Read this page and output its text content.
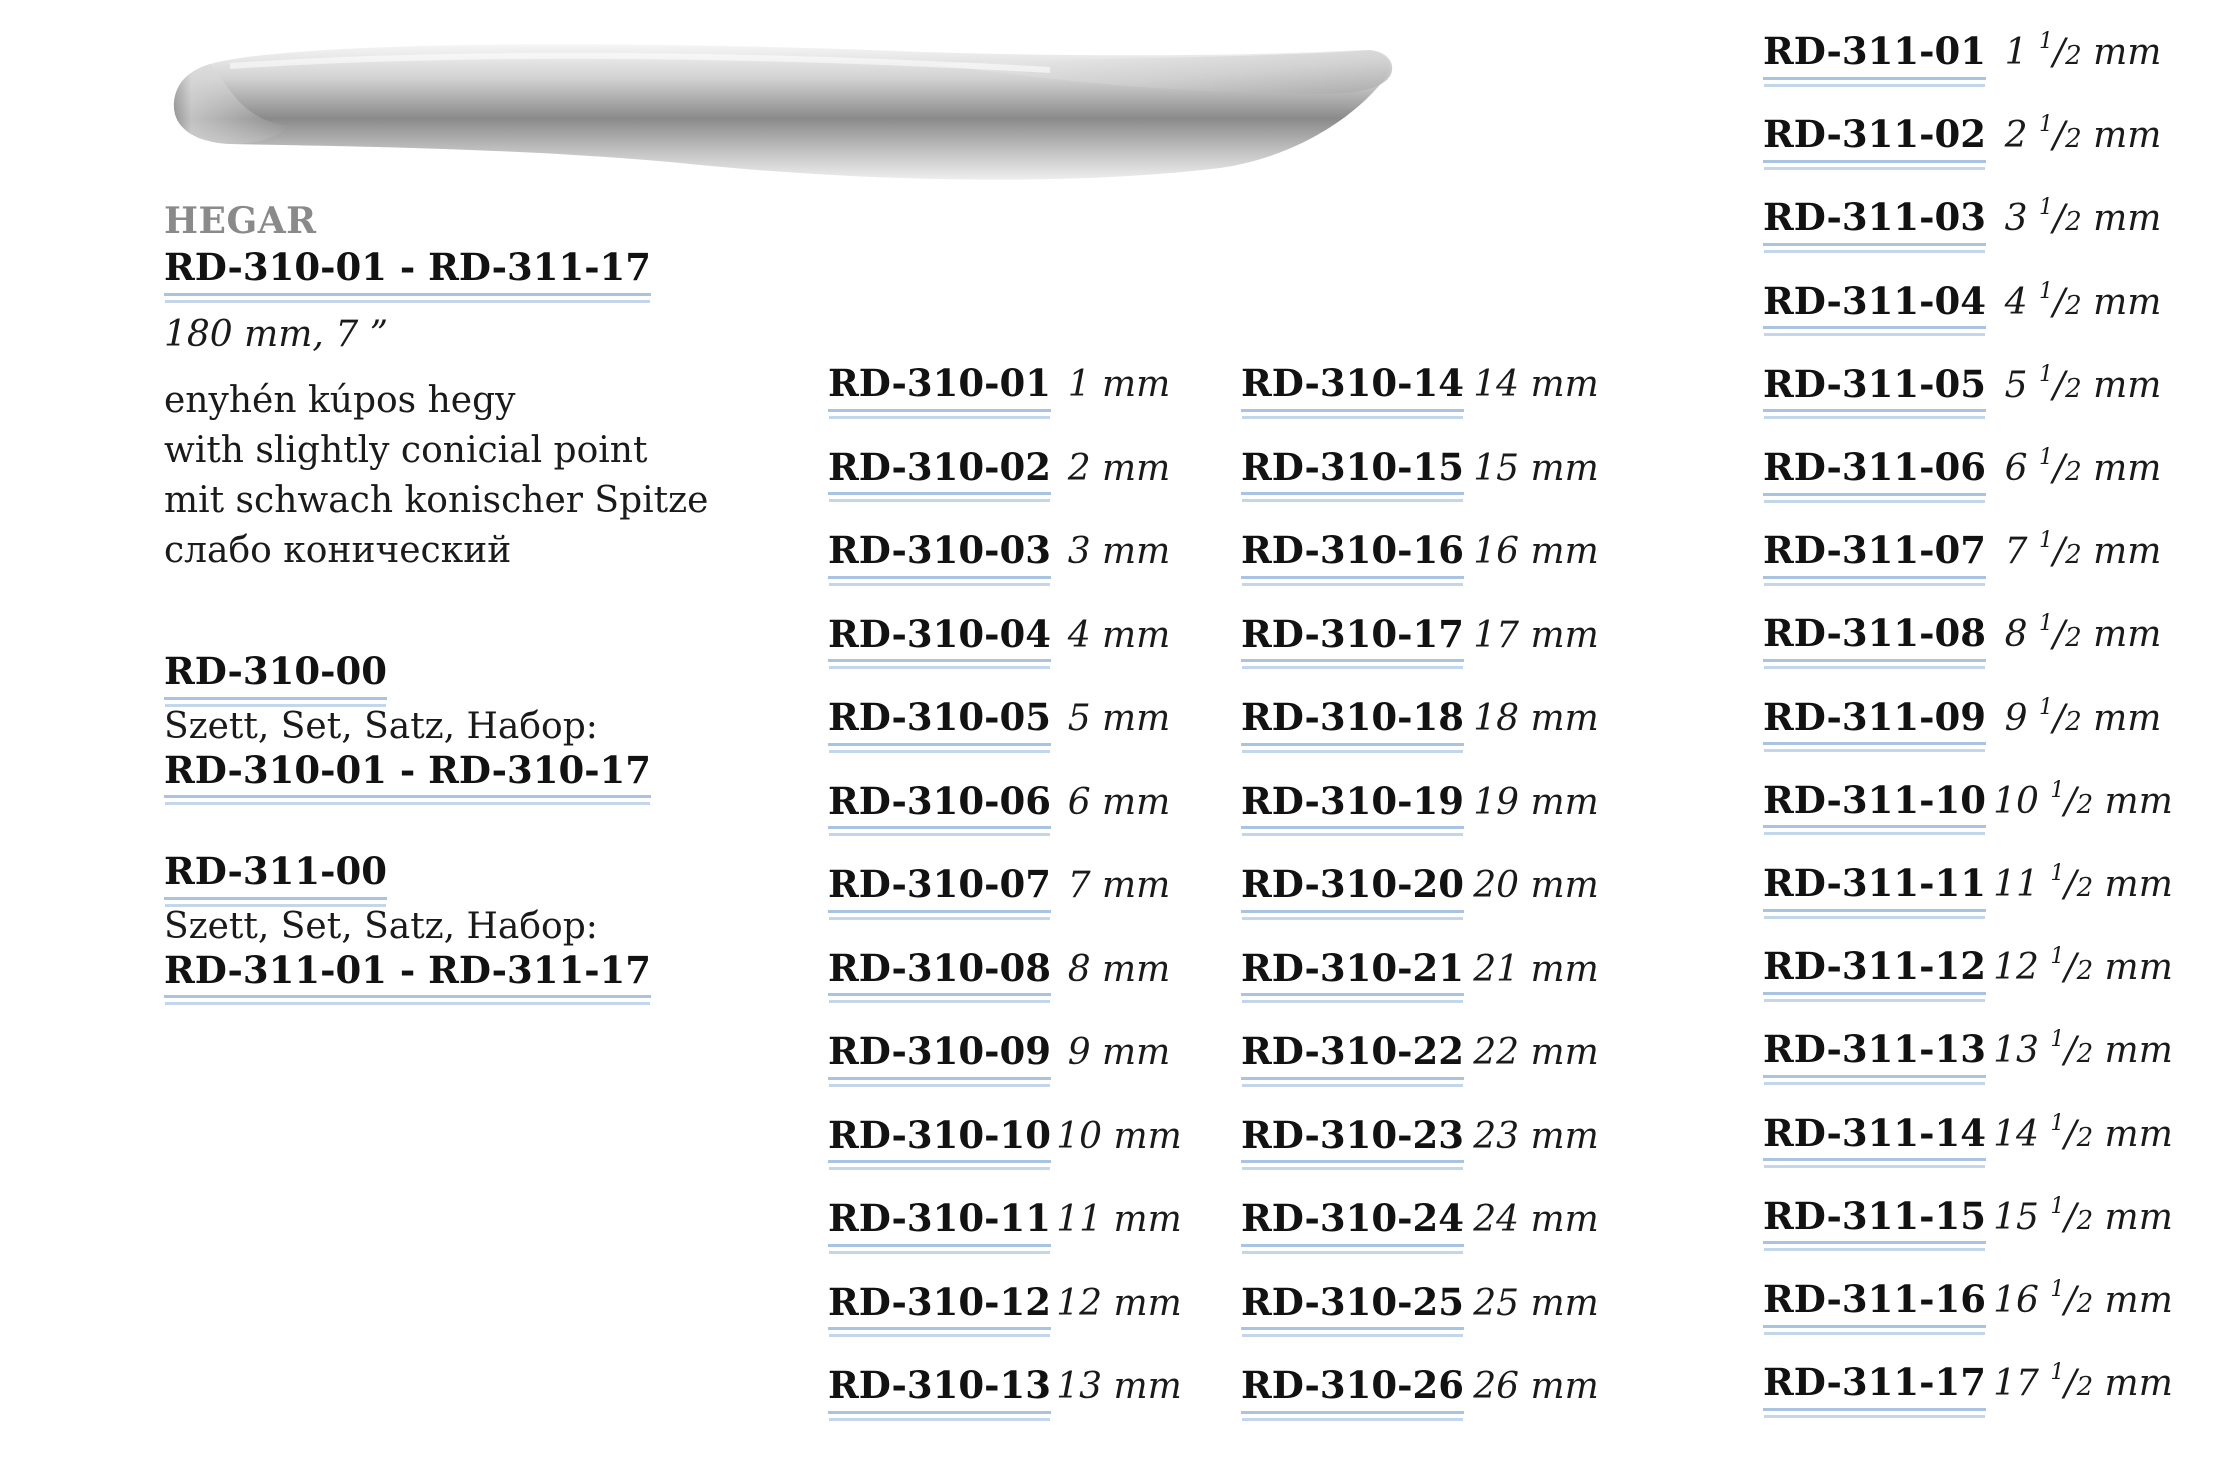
HEGAR
RD-310-01 - RD-311-17
180 mm, 7 ”
enyhén kúpos hegy
with slightly conicial point
mit schwach konischer Spitze
слабо конический
RD-310-00
Szett, Set, Satz, Набор:
RD-310-01 - RD-310-17
RD-311-00
Szett, Set, Satz, Набор:
RD-311-01 - RD-311-17
RD-310-01 1 mm
RD-310-02 2 mm
RD-310-03 3 mm
RD-310-04 4 mm
RD-310-05 5 mm
RD-310-06 6 mm
RD-310-07 7 mm
RD-310-08 8 mm
RD-310-09 9 mm
RD-310-10 10 mm
RD-310-11 11 mm
RD-310-12 12 mm
RD-310-13 13 mm
RD-310-14 14 mm
RD-310-15 15 mm
RD-310-16 16 mm
RD-310-17 17 mm
RD-310-18 18 mm
RD-310-19 19 mm
RD-310-20 20 mm
RD-310-21 21 mm
RD-310-22 22 mm
RD-310-23 23 mm
RD-310-24 24 mm
RD-310-25 25 mm
RD-310-26 26 mm
RD-311-01 1 $^1$/2 mm
RD-311-02 2 $^1$/2 mm
RD-311-03 3 $^1$/2 mm
RD-311-04 4 $^1$/2 mm
RD-311-05 5 $^1$/2 mm
RD-311-06 6 $^1$/2 mm
RD-311-07 7 $^1$/2 mm
RD-311-08 8 $^1$/2 mm
RD-311-09 9 $^1$/2 mm
RD-311-10 10 $^1$/2 mm
RD-311-11 11 $^1$/2 mm
RD-311-12 12 $^1$/2 mm
RD-311-13 13 $^1$/2 mm
RD-311-14 14 $^1$/2 mm
RD-311-15 15 $^1$/2 mm
RD-311-16 16 $^1$/2 mm
RD-311-17 17 $^1$/2 mm
